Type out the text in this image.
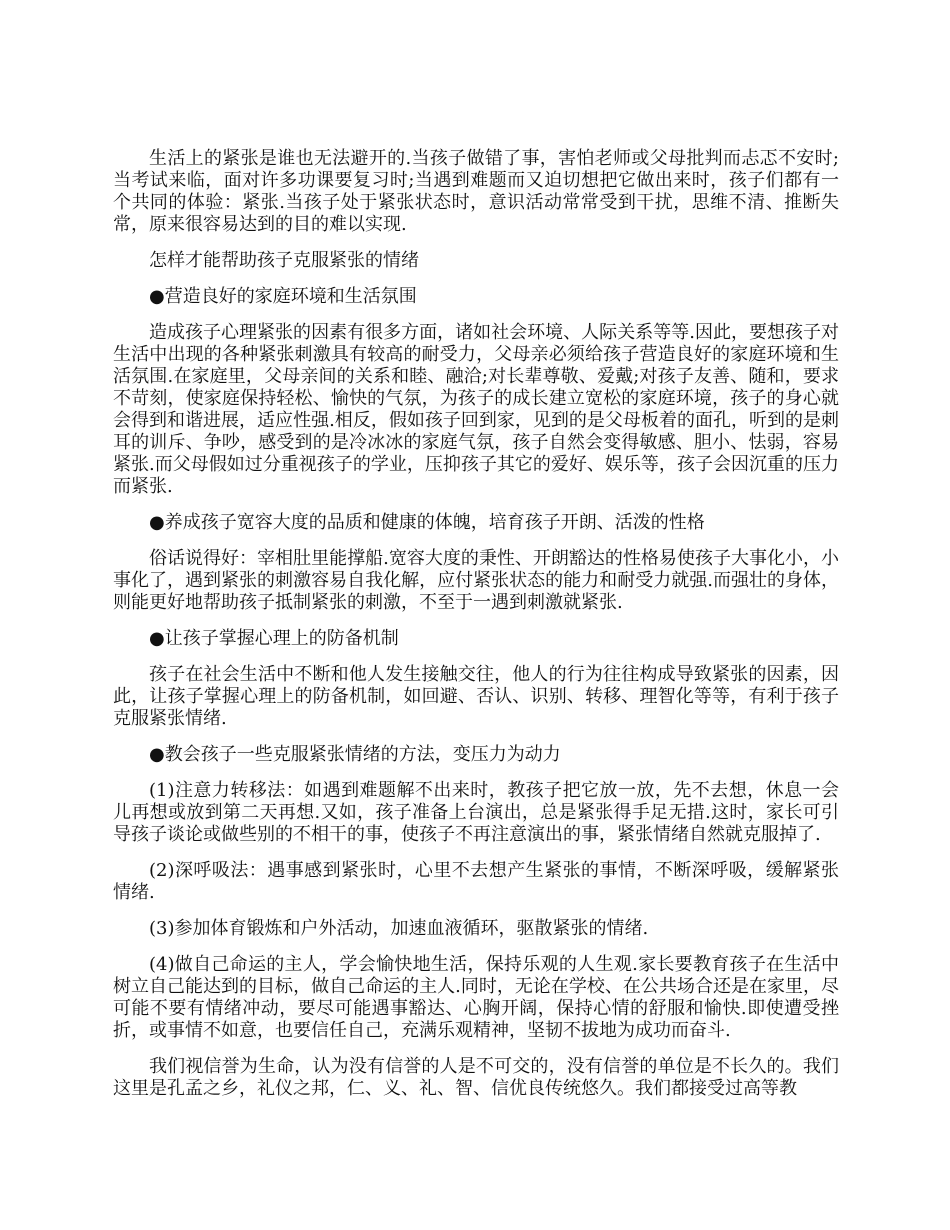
生活上的紧张是谁也无法避开的.当孩子做错了事，害怕老师或父母批判而忐忑不安时;当考试来临，面对许多功课要复习时;当遇到难题而又迫切想把它做出来时，孩子们都有一个共同的体验：紧张.当孩子处于紧张状态时，意识活动常常受到干扰，思维不清、推断失常，原来很容易达到的目的难以实现.

怎样才能帮助孩子克服紧张的情绪

●营造良好的家庭环境和生活氛围

造成孩子心理紧张的因素有很多方面，诸如社会环境、人际关系等等.因此，要想孩子对生活中出现的各种紧张刺激具有较高的耐受力，父母亲必须给孩子营造良好的家庭环境和生活氛围.在家庭里，父母亲间的关系和睦、融洽;对长辈尊敬、爱戴;对孩子友善、随和，要求不苛刻，使家庭保持轻松、愉快的气氛，为孩子的成长建立宽松的家庭环境，孩子的身心就会得到和谐进展，适应性强.相反，假如孩子回到家，见到的是父母板着的面孔，听到的是刺耳的训斥、争吵，感受到的是冷冰冰的家庭气氛，孩子自然会变得敏感、胆小、怯弱，容易紧张.而父母假如过分重视孩子的学业，压抑孩子其它的爱好、娱乐等，孩子会因沉重的压力而紧张.

●养成孩子宽容大度的品质和健康的体魄，培育孩子开朗、活泼的性格

俗话说得好：宰相肚里能撑船.宽容大度的秉性、开朗豁达的性格易使孩子大事化小，小事化了，遇到紧张的刺激容易自我化解，应付紧张状态的能力和耐受力就强.而强壮的身体，则能更好地帮助孩子抵制紧张的刺激，不至于一遇到刺激就紧张.

●让孩子掌握心理上的防备机制

孩子在社会生活中不断和他人发生接触交往，他人的行为往往构成导致紧张的因素，因此，让孩子掌握心理上的防备机制，如回避、否认、识别、转移、理智化等等，有利于孩子克服紧张情绪.

●教会孩子一些克服紧张情绪的方法，变压力为动力

(1)注意力转移法：如遇到难题解不出来时，教孩子把它放一放，先不去想，休息一会儿再想或放到第二天再想.又如，孩子准备上台演出，总是紧张得手足无措.这时，家长可引导孩子谈论或做些别的不相干的事，使孩子不再注意演出的事，紧张情绪自然就克服掉了.

(2)深呼吸法：遇事感到紧张时，心里不去想产生紧张的事情，不断深呼吸，缓解紧张情绪.

(3)参加体育锻炼和户外活动，加速血液循环，驱散紧张的情绪.

(4)做自己命运的主人，学会愉快地生活，保持乐观的人生观.家长要教育孩子在生活中树立自己能达到的目标，做自己命运的主人.同时，无论在学校、在公共场合还是在家里，尽可能不要有情绪冲动，要尽可能遇事豁达、心胸开阔，保持心情的舒服和愉快.即使遭受挫折，或事情不如意，也要信任自己，充满乐观精神，坚韧不拔地为成功而奋斗.

我们视信誉为生命，认为没有信誉的人是不可交的，没有信誉的单位是不长久的。我们这里是孔孟之乡，礼仪之邦，仁、义、礼、智、信优良传统悠久。我们都接受过高等教
